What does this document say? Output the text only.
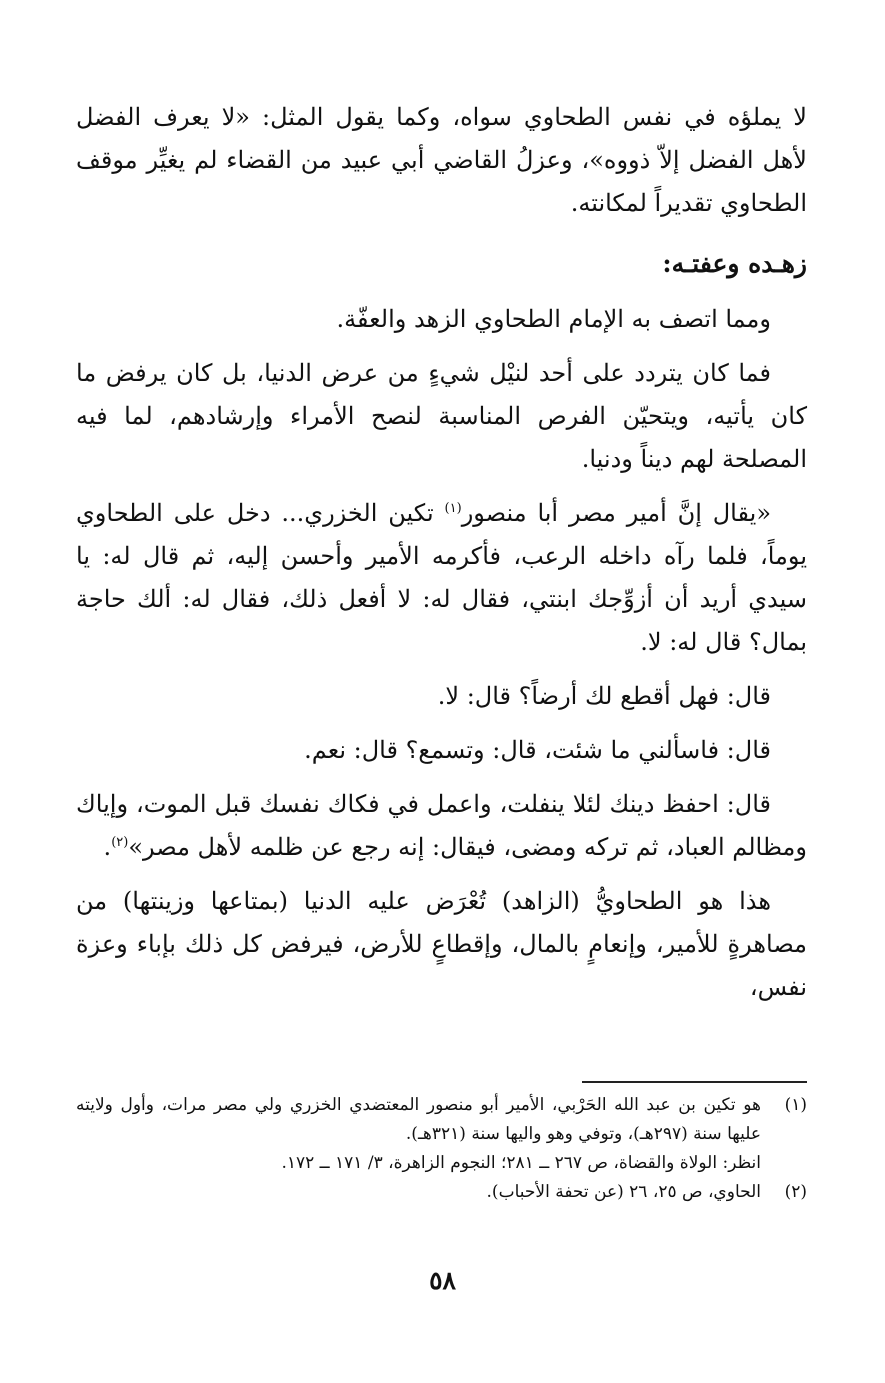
لا يملؤه في نفس الطحاوي سواه، وكما يقول المثل: «لا يعرف الفضل لأهل الفضل إلاّ ذووه»، وعزلُ القاضي أبي عبيد من القضاء لم يغيِّر موقف الطحاوي تقديراً لمكانته.

زهـده وعفتـه:

ومما اتصف به الإمام الطحاوي الزهد والعفّة.

فما كان يتردد على أحد لنيْل شيءٍ من عرض الدنيا، بل كان يرفض ما كان يأتيه، ويتحيّن الفرص المناسبة لنصح الأمراء وإرشادهم، لما فيه المصلحة لهم ديناً ودنيا.

«يقال إنَّ أمير مصر أبا منصور$^{(١)}$ تكين الخزري... دخل على الطحاوي يوماً، فلما رآه داخله الرعب، فأكرمه الأمير وأحسن إليه، ثم قال له: يا سيدي أريد أن أزوِّجك ابنتي، فقال له: لا أفعل ذلك، فقال له: ألك حاجة بمال؟ قال له: لا.

قال: فهل أقطع لك أرضاً؟ قال: لا.

قال: فاسألني ما شئت، قال: وتسمع؟ قال: نعم.

قال: احفظ دينك لئلا ينفلت، واعمل في فكاك نفسك قبل الموت، وإياك ومظالم العباد، ثم تركه ومضى، فيقال: إنه رجع عن ظلمه لأهل مصر»$^{(٢)}$.

هذا هو الطحاويُّ (الزاهد) تُعْرَض عليه الدنيا (بمتاعها وزينتها) من مصاهرةٍ للأمير، وإنعامٍ بالمال، وإقطاعٍ للأرض، فيرفض كل ذلك بإباء وعزة نفس،

(١)
هو تكين بن عبد الله الحَرْبي، الأمير أبو منصور المعتضدي الخزري ولي مصر مرات، وأول ولايته عليها سنة (٢٩٧هـ)، وتوفي وهو واليها سنة (٣٢١هـ).
انظر: الولاة والقضاة، ص ٢٦٧ ــ ٢٨١؛ النجوم الزاهرة، ٣/ ١٧١ ــ ١٧٢.
(٢)
الحاوي، ص ٢٥، ٢٦ (عن تحفة الأحباب).
٥٨
